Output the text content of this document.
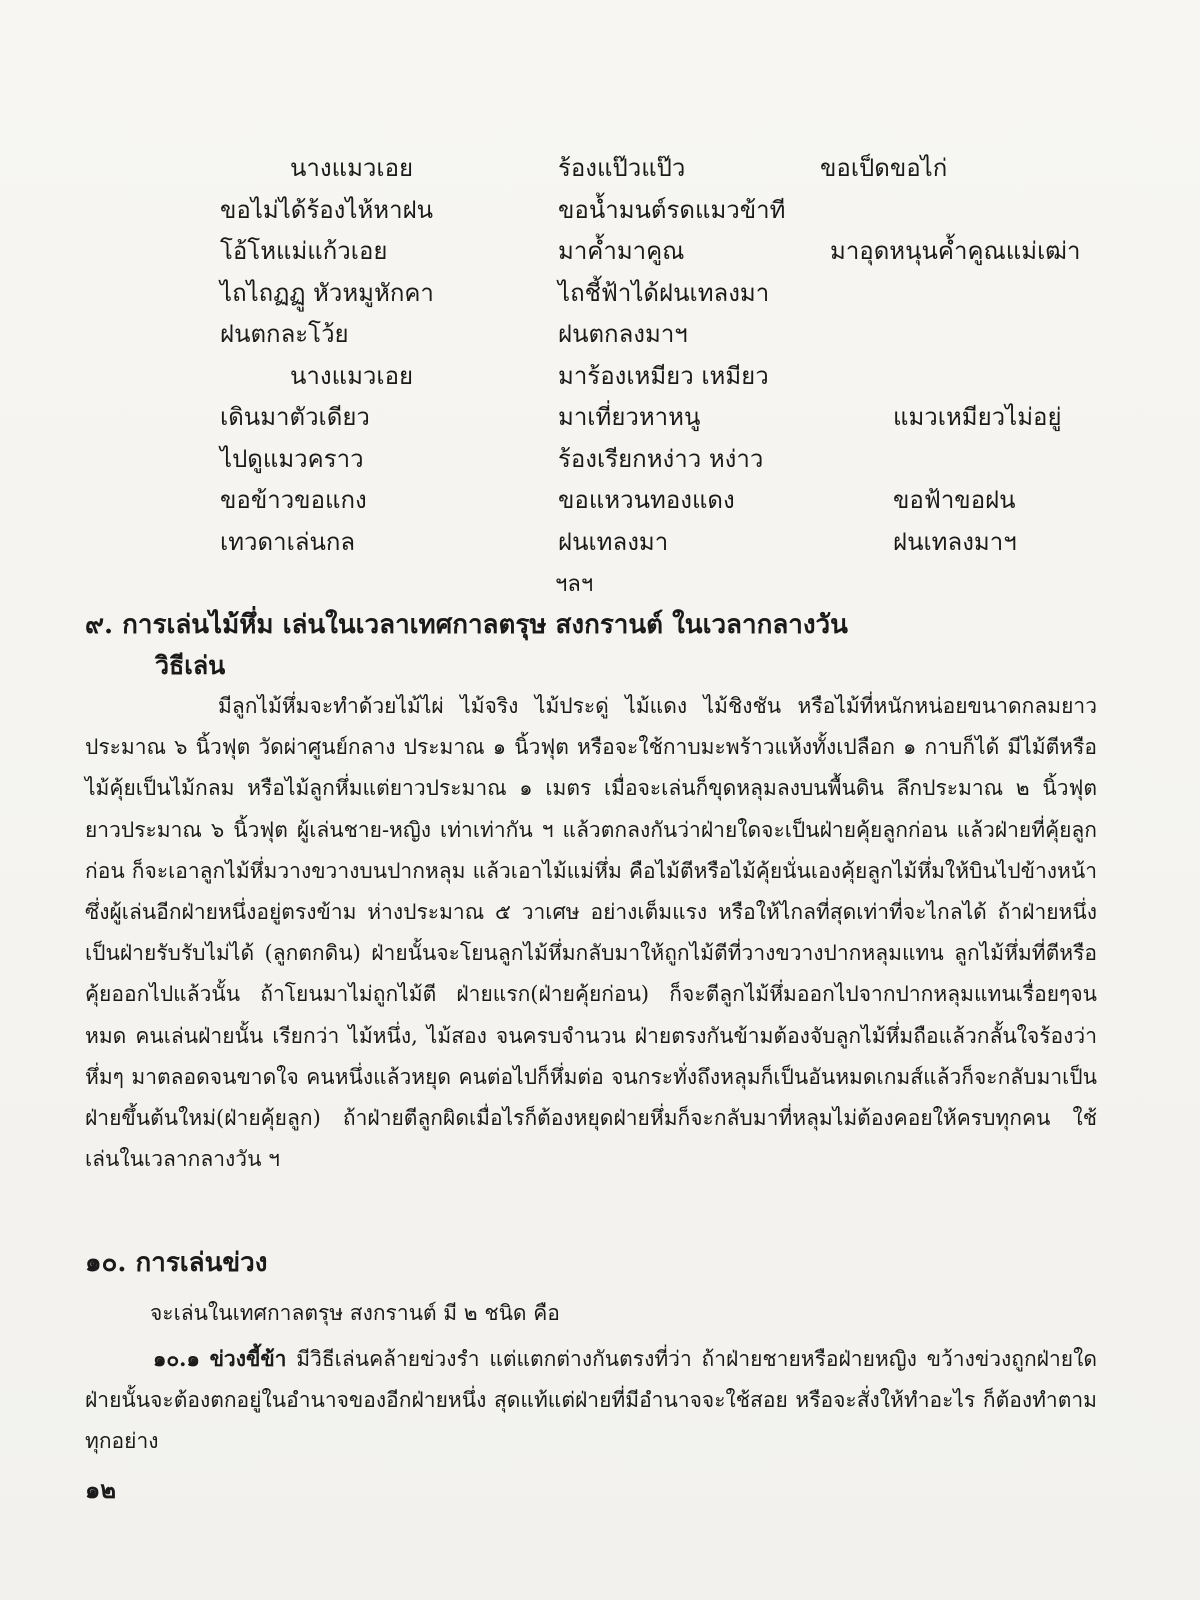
นางแมวเอย	ร้องแป๊วแป๊ว	ขอเป็ดขอไก่
ขอไม่ได้ร้องไห้หาฝน	ขอน้ำมนต์รดแมวข้าที
โอ้โหแม่แก้วเอย	มาค้ำมาคูณ	มาอุดหนุนค้ำคูณแม่เฒ่า
ไถไถฏฏู หัวหมูหักคา	ไถชี้ฟ้าได้ฝนเทลงมา
ฝนตกละโว้ย	ฝนตกลงมาฯ
นางแมวเอย	มาร้องเหมียว เหมียว
เดินมาตัวเดียว	มาเที่ยวหาหนู	แมวเหมียวไม่อยู่
ไปดูแมวคราว	ร้องเรียกหง่าว หง่าว
ขอข้าวขอแกง	ขอแหวนทองแดง	ขอฟ้าขอฝน
เทวดาเล่นกล	ฝนเทลงมา	ฝนเทลงมาฯ
ฯลฯ
๙. การเล่นไม้หึ่ม เล่นในเวลาเทศกาลตรุษ สงกรานต์ ในเวลากลางวัน
วิธีเล่น
มีลูกไม้หึ่มจะทำด้วยไม้ไผ่ ไม้จริง ไม้ประดู่ ไม้แดง ไม้ชิงชัน หรือไม้ที่หนักหน่อยขนาดกลมยาว ประมาณ ๖ นิ้วฟุต วัดผ่าศูนย์กลาง ประมาณ ๑ นิ้วฟุต หรือจะใช้กาบมะพร้าวแห้งทั้งเปลือก ๑ กาบก็ได้ มีไม้ตีหรือไม้คุ้ยเป็นไม้กลม หรือไม้ลูกหึ่มแต่ยาวประมาณ ๑ เมตร เมื่อจะเล่นก็ขุดหลุมลงบนพื้นดิน ลึกประมาณ ๒ นิ้วฟุต ยาวประมาณ ๖ นิ้วฟุต ผู้เล่นชาย-หญิง เท่าเท่ากัน ฯ แล้วตกลงกันว่าฝ่ายใดจะเป็นฝ่ายคุ้ยลูกก่อน แล้วฝ่ายที่คุ้ยลูกก่อน ก็จะเอาลูกไม้หึ่มวางขวางบนปากหลุม แล้วเอาไม้แม่หึ่ม คือไม้ตีหรือไม้คุ้ยนั่นเองคุ้ยลูกไม้หึ่มให้บินไปข้างหน้า ซึ่งผู้เล่นอีกฝ่ายหนึ่งอยู่ตรงข้าม ห่างประมาณ ๕ วาเศษ อย่างเต็มแรง หรือให้ไกลที่สุดเท่าที่จะไกลได้ ถ้าฝ่ายหนึ่งเป็นฝ่ายรับรับไม่ได้ (ลูกตกดิน) ฝ่ายนั้นจะโยนลูกไม้หึ่มกลับมาให้ถูกไม้ตีที่วางขวางปากหลุมแทน ลูกไม้หึ่มที่ตีหรือคุ้ยออกไปแล้วนั้น ถ้าโยนมาไม่ถูกไม้ตี ฝ่ายแรก(ฝ่ายคุ้ยก่อน) ก็จะตีลูกไม้หึ่มออกไปจากปากหลุมแทนเรื่อยๆจนหมด คนเล่นฝ่ายนั้น เรียกว่า ไม้หนึ่ง, ไม้สอง จนครบจำนวน ฝ่ายตรงกันข้ามต้องจับลูกไม้หึ่มถือแล้วกลั้นใจร้องว่าหึ่มๆ มาตลอดจนขาดใจ คนหนึ่งแล้วหยุด คนต่อไปก็หึ่มต่อ จนกระทั่งถึงหลุมก็เป็นอันหมดเกมส์แล้วก็จะกลับมาเป็นฝ่ายขึ้นต้นใหม่(ฝ่ายคุ้ยลูก) ถ้าฝ่ายตีลูกผิดเมื่อไรก็ต้องหยุดฝ่ายหึ่มก็จะกลับมาที่หลุมไม่ต้องคอยให้ครบทุกคน ใช้เล่นในเวลากลางวัน ฯ
๑๐. การเล่นข่วง
จะเล่นในเทศกาลตรุษ สงกรานต์ มี ๒ ชนิด คือ
๑๐.๑ ข่วงขี้ข้า มีวิธีเล่นคล้ายข่วงรำ แต่แตกต่างกันตรงที่ว่า ถ้าฝ่ายชายหรือฝ่ายหญิง ขว้างข่วงถูกฝ่ายใด ฝ่ายนั้นจะต้องตกอยู่ในอำนาจของอีกฝ่ายหนึ่ง สุดแท้แต่ฝ่ายที่มีอำนาจจะใช้สอย หรือจะสั่งให้ทำอะไร ก็ต้องทำตามทุกอย่าง
๑๒
